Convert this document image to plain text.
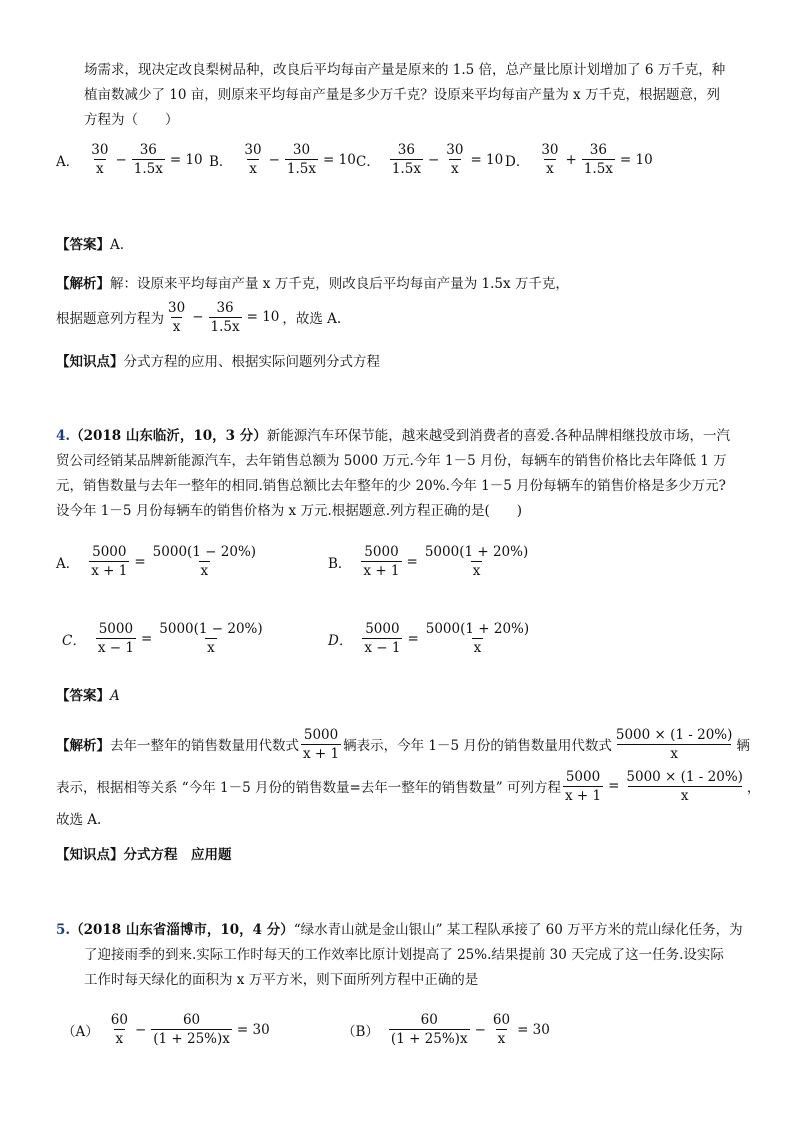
场需求，现决定改良梨树品种，改良后平均每亩产量是原来的 1.5 倍，总产量比原计划增加了 6 万千克，种
植亩数减少了 10 亩，则原来平均每亩产量是多少万千克？设原来平均每亩产量为 x 万千克，根据题意，列
方程为（　　）
A． $\frac{30}{x} - \frac{36}{1.5x} = 10$ B． $\frac{30}{x} - \frac{30}{1.5x} = 10$ C． $\frac{36}{1.5x} - \frac{30}{x} = 10$ D． $\frac{30}{x} + \frac{36}{1.5x} = 10$
【答案】A.
【解析】解：设原来平均每亩产量 x 万千克，则改良后平均每亩产量为 1.5x 万千克，
根据题意列方程为 $\frac{30}{x} - \frac{36}{1.5x} = 10$ ，故选 A.
【知识点】分式方程的应用、根据实际问题列分式方程
4.（2018 山东临沂，10，3 分）新能源汽车环保节能，越来越受到消费者的喜爱.各种品牌相继投放市场，一汽
贸公司经销某品牌新能源汽车，去年销售总额为 5000 万元.今年 1－5 月份，每辆车的销售价格比去年降低 1 万
元，销售数量与去年一整年的相同.销售总额比去年整年的少 20%.今年 1－5 月份每辆车的销售价格是多少万元?
设今年 1－5 月份每辆车的销售价格为 x 万元.根据题意.列方程正确的是(　　)
A． $\frac{5000}{x + 1} = \frac{5000(1 - 20\%)}{x}$	B． $\frac{5000}{x + 1} = \frac{5000(1 + 20\%)}{x}$
C． $\frac{5000}{x - 1} = \frac{5000(1 - 20\%)}{x}$	D． $\frac{5000}{x - 1} = \frac{5000(1 + 20\%)}{x}$
【答案】A
【解析】 去年一整年的销售数量用代数式 $\frac{5000}{x + 1}$ 辆表示，今年 1－5 月份的销售数量用代数式 $\frac{5000 \times (1 - 20\%)}{x}$ 辆
表示，根据相等关系 “今年 1－5 月份的销售数量=去年一整年的销售数量” 可列方程 $\frac{5000}{x + 1} = \frac{5000 \times (1 - 20\%)}{x}$ ，
故选 A.
【知识点】分式方程　应用题
5.（2018 山东省淄博市，10，4 分）“绿水青山就是金山银山” 某工程队承接了 60 万平方米的荒山绿化任务，为
了迎接雨季的到来.实际工作时每天的工作效率比原计划提高了 25%.结果提前 30 天完成了这一任务.设实际
工作时每天绿化的面积为 x 万平方米，则下面所列方程中正确的是
$(A) \frac{60}{x} - \frac{60}{(1 + 25\%)x} = 30$	$(B) \frac{60}{(1 + 25\%)x} - \frac{60}{x} = 30$
